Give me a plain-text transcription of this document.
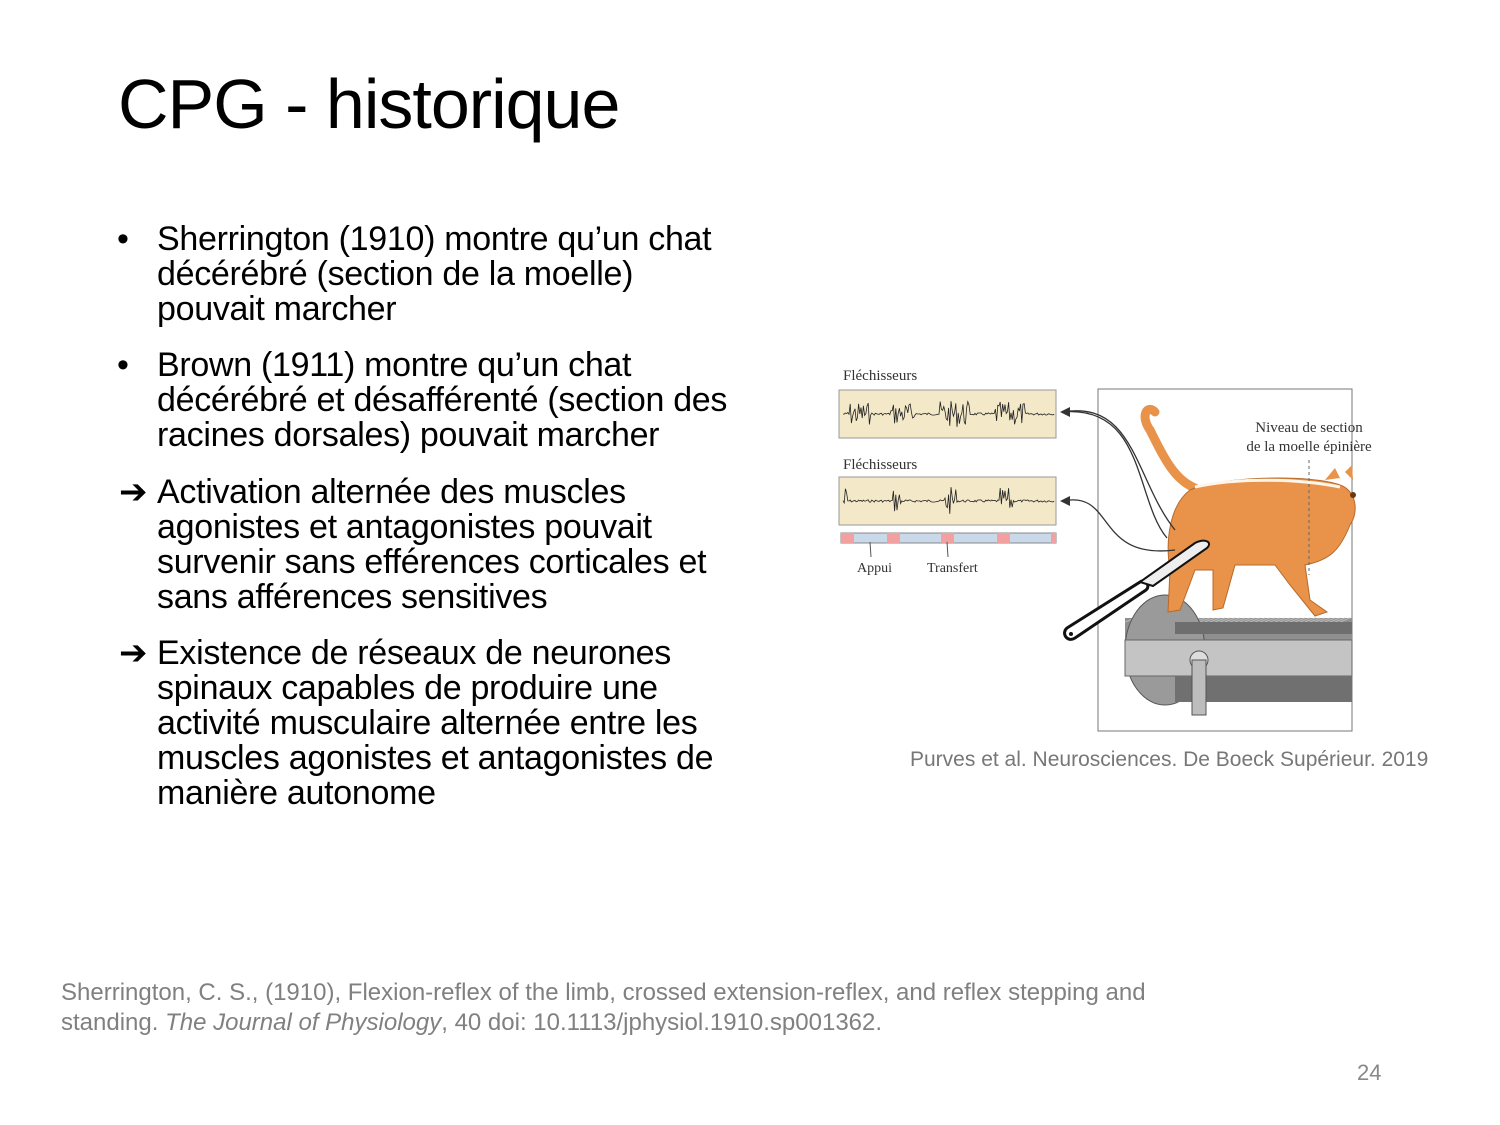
CPG - historique
• Sherrington (1910) montre qu’un chat
décérébré (section de la moelle)
pouvait marcher
• Brown (1911) montre qu’un chat
décérébré et désafférenté (section des
racines dorsales) pouvait marcher
➔ Activation alternée des muscles
agonistes et antagonistes pouvait
survenir sans efférences corticales et
sans afférences sensitives
➔ Existence de réseaux de neurones
spinaux capables de produire une
activité musculaire alternée entre les
muscles agonistes et antagonistes de
manière autonome
Fléchisseurs
Fléchisseurs
Appui	Transfert
Niveau de section
de la moelle épinière
Purves et al. Neurosciences. De Boeck Supérieur. 2019
Sherrington, C. S., (1910), Flexion-reflex of the limb, crossed extension-reflex, and reflex stepping and
standing. The Journal of Physiology, 40 doi: 10.1113/jphysiol.1910.sp001362.
24
